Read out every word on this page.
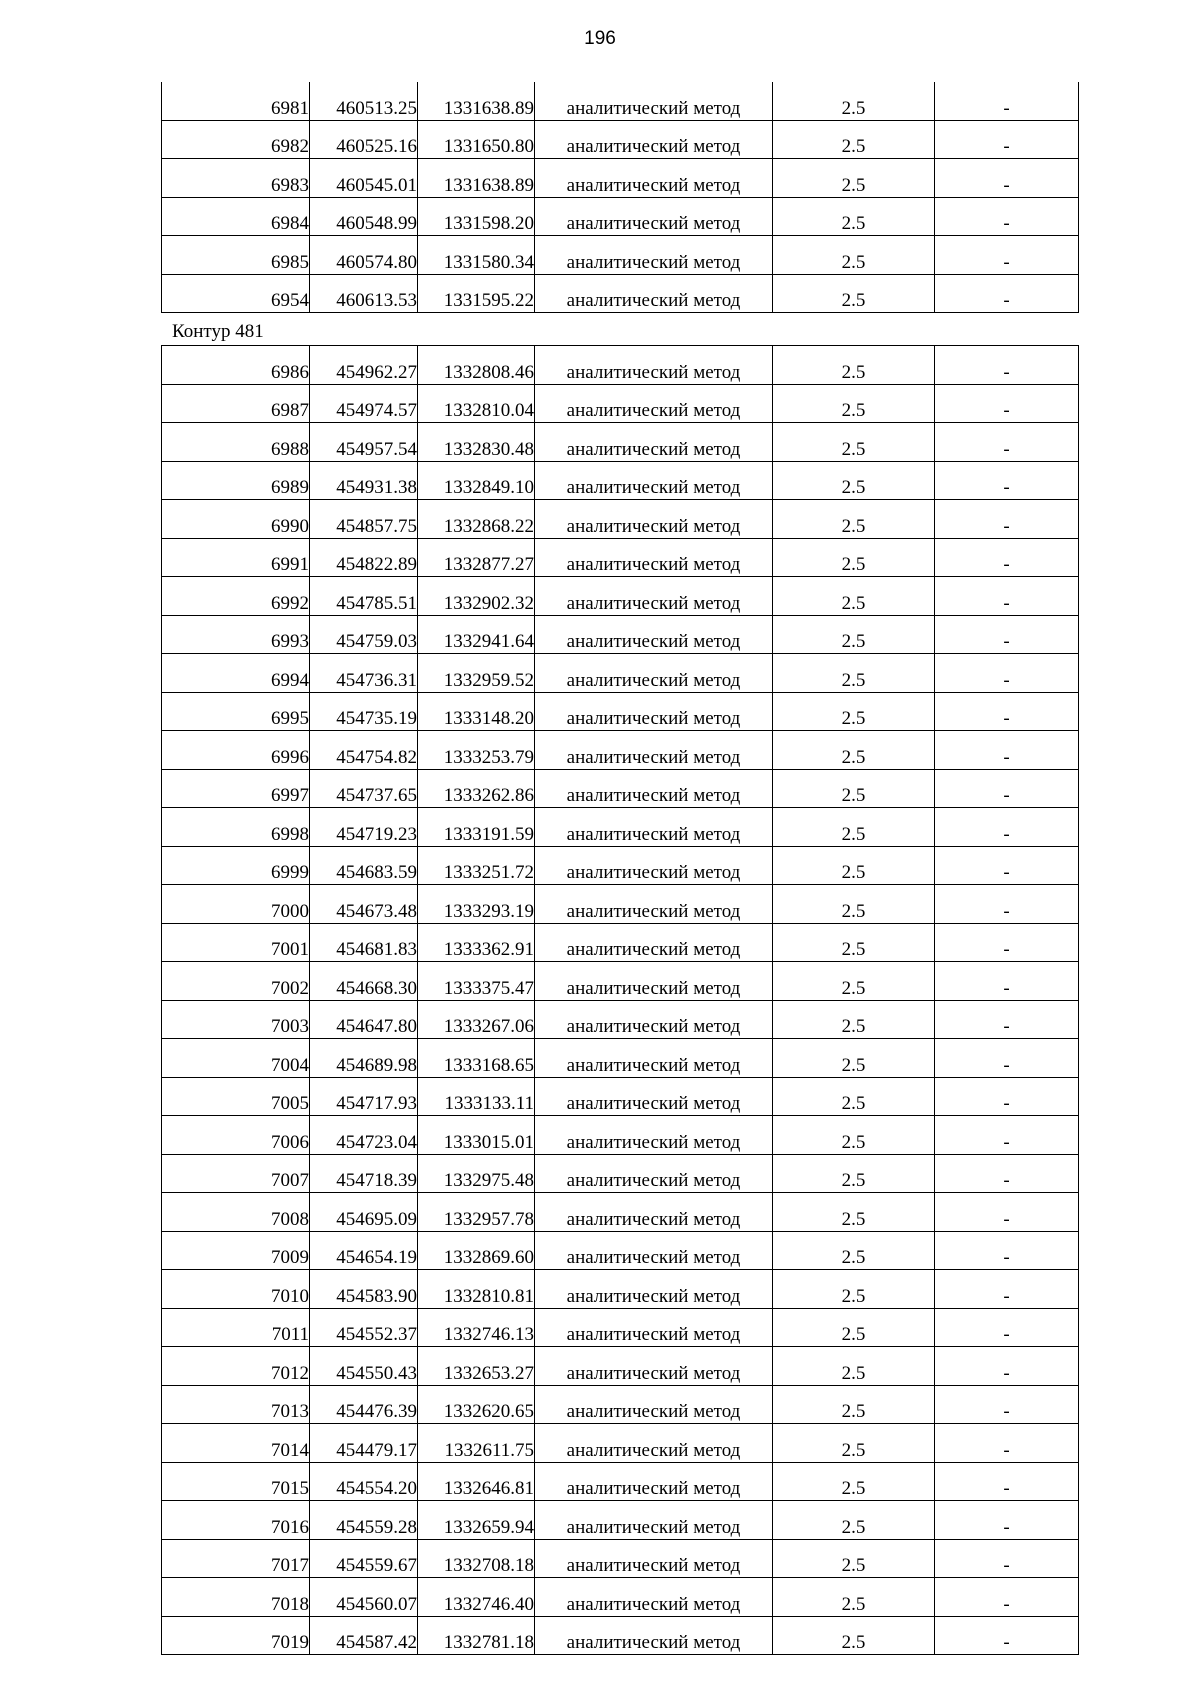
196
6981	460513.25	1331638.89	аналитический метод	2.5	-
6982	460525.16	1331650.80	аналитический метод	2.5	-
6983	460545.01	1331638.89	аналитический метод	2.5	-
6984	460548.99	1331598.20	аналитический метод	2.5	-
6985	460574.80	1331580.34	аналитический метод	2.5	-
6954	460613.53	1331595.22	аналитический метод	2.5	-
Контур 481
6986	454962.27	1332808.46	аналитический метод	2.5	-
6987	454974.57	1332810.04	аналитический метод	2.5	-
6988	454957.54	1332830.48	аналитический метод	2.5	-
6989	454931.38	1332849.10	аналитический метод	2.5	-
6990	454857.75	1332868.22	аналитический метод	2.5	-
6991	454822.89	1332877.27	аналитический метод	2.5	-
6992	454785.51	1332902.32	аналитический метод	2.5	-
6993	454759.03	1332941.64	аналитический метод	2.5	-
6994	454736.31	1332959.52	аналитический метод	2.5	-
6995	454735.19	1333148.20	аналитический метод	2.5	-
6996	454754.82	1333253.79	аналитический метод	2.5	-
6997	454737.65	1333262.86	аналитический метод	2.5	-
6998	454719.23	1333191.59	аналитический метод	2.5	-
6999	454683.59	1333251.72	аналитический метод	2.5	-
7000	454673.48	1333293.19	аналитический метод	2.5	-
7001	454681.83	1333362.91	аналитический метод	2.5	-
7002	454668.30	1333375.47	аналитический метод	2.5	-
7003	454647.80	1333267.06	аналитический метод	2.5	-
7004	454689.98	1333168.65	аналитический метод	2.5	-
7005	454717.93	1333133.11	аналитический метод	2.5	-
7006	454723.04	1333015.01	аналитический метод	2.5	-
7007	454718.39	1332975.48	аналитический метод	2.5	-
7008	454695.09	1332957.78	аналитический метод	2.5	-
7009	454654.19	1332869.60	аналитический метод	2.5	-
7010	454583.90	1332810.81	аналитический метод	2.5	-
7011	454552.37	1332746.13	аналитический метод	2.5	-
7012	454550.43	1332653.27	аналитический метод	2.5	-
7013	454476.39	1332620.65	аналитический метод	2.5	-
7014	454479.17	1332611.75	аналитический метод	2.5	-
7015	454554.20	1332646.81	аналитический метод	2.5	-
7016	454559.28	1332659.94	аналитический метод	2.5	-
7017	454559.67	1332708.18	аналитический метод	2.5	-
7018	454560.07	1332746.40	аналитический метод	2.5	-
7019	454587.42	1332781.18	аналитический метод	2.5	-
